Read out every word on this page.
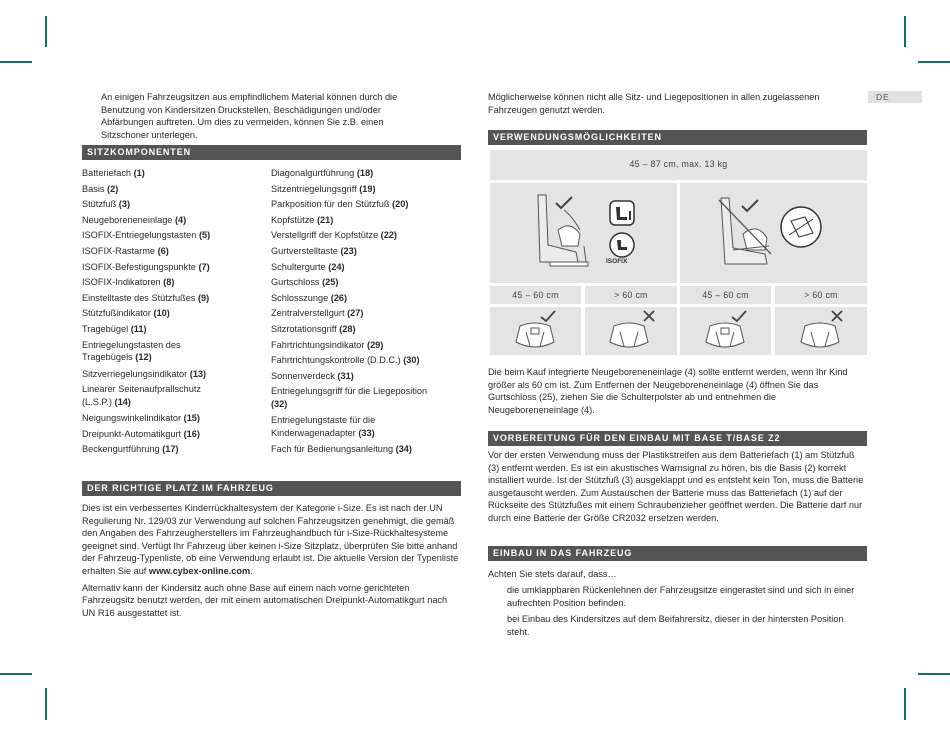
DE

An einigen Fahrzeugsitzen aus empfindlichem Material können durch die Benutzung von Kindersitzen Druckstellen, Beschädigungen und/oder Abfärbungen auftreten. Um dies zu vermeiden, können Sie z.B. einen Sitzschoner unterlegen.

SITZKOMPONENTEN
Batteriefach (1)
Basis (2)
Stützfuß (3)
Neugeboreneneinlage (4)
ISOFIX-Entriegelungstasten (5)
ISOFIX-Rastarme (6)
ISOFIX-Befestigungspunkte (7)
ISOFIX-Indikatoren (8)
Einstelltaste des Stützfußes (9)
Stützfußindikator (10)
Tragebügel (11)
Entriegelungstasten des
Tragebügels (12)
Sitzverriegelungsindikator (13)
Linearer Seitenaufprallschutz
(L.S.P.) (14)
Neigungswinkelindikator (15)
Dreipunkt-Automatikgurt (16)
Beckengurtführung (17)
Diagonalgurtführung (18)
Sitzentriegelungsgriff (19)
Parkposition für den Stützfuß (20)
Kopfstütze (21)
Verstellgriff der Kopfstütze (22)
Gurtverstelltaste (23)
Schultergurte (24)
Gurtschloss (25)
Schlosszunge (26)
Zentralverstellgurt (27)
Sitzrotationsgriff (28)
Fahrtrichtungsindikator (29)
Fahrtrichtungskontrolle (D.D.C.) (30)
Sonnenverdeck (31)
Entriegelungsgriff für die Liegeposition
(32)
Entriegelungstaste für die
Kinderwagenadapter (33)
Fach für Bedienungsanleitung (34)
DER RICHTIGE PLATZ IM FAHRZEUG

Dies ist ein verbessertes Kinderrückhaltesystem der Kategorie i-Size. Es ist nach der UN Regulierung Nr. 129/03 zur Verwendung auf solchen Fahrzeugsitzen genehmigt, die gemäß den Angaben des Fahrzeugherstellers im Fahrzeughandbuch für i-Size-Rückhaltesysteme geeignet sind. Verfügt Ihr Fahrzeug über keinen i-Size Sitzplatz, überprüfen Sie bitte anhand der Fahrzeug-Typenliste, ob eine Verwendung erlaubt ist. Die aktuelle Version der Typenliste erhalten Sie auf www.cybex-online.com.

Alternativ kann der Kindersitz auch ohne Base auf einem nach vorne gerichteten Fahrzeugsitz benutzt werden, der mit einem automatischen Dreipunkt-Automatikgurt nach UN R16 ausgestattet ist.

Möglicherweise können nicht alle Sitz- und Liegepositionen in allen zugelassenen Fahrzeugen genutzt werden.

VERWENDUNGSMÖGLICHKEITEN
45 – 87 cm, max. 13 kg
ISOFIX
45 – 60 cm	> 60 cm	45 – 60 cm	> 60 cm

Die beim Kauf integrierte Neugeboreneneinlage (4) sollte entfernt werden, wenn Ihr Kind größer als 60 cm ist. Zum Entfernen der Neugeboreneneinlage (4) öffnen Sie das Gurtschloss (25), ziehen Sie die Schulterpolster ab und entnehmen die Neugeboreneneinlage (4).

VORBEREITUNG FÜR DEN EINBAU MIT BASE T/BASE Z2

Vor der ersten Verwendung muss der Plastikstreifen aus dem Batteriefach (1) am Stützfuß (3) entfernt werden. Es ist ein akustisches Warnsignal zu hören, bis die Basis (2) korrekt installiert wurde. Ist der Stützfuß (3) ausgeklappt und es entsteht kein Ton, muss die Batterie ausgetauscht werden. Zum Austauschen der Batterie muss das Batteriefach (1) auf der Rückseite des Stützfußes mit einem Schraubenzieher geöffnet werden. Die Batterie darf nur durch eine Batterie der Größe CR2032 ersetzen werden.

EINBAU IN DAS FAHRZEUG

Achten Sie stets darauf, dass…

die umklappbaren Rückenlehnen der Fahrzeugsitze eingerastet sind und sich in einer aufrechten Position befinden.

bei Einbau des Kindersitzes auf dem Beifahrersitz, dieser in der hintersten Position steht.
